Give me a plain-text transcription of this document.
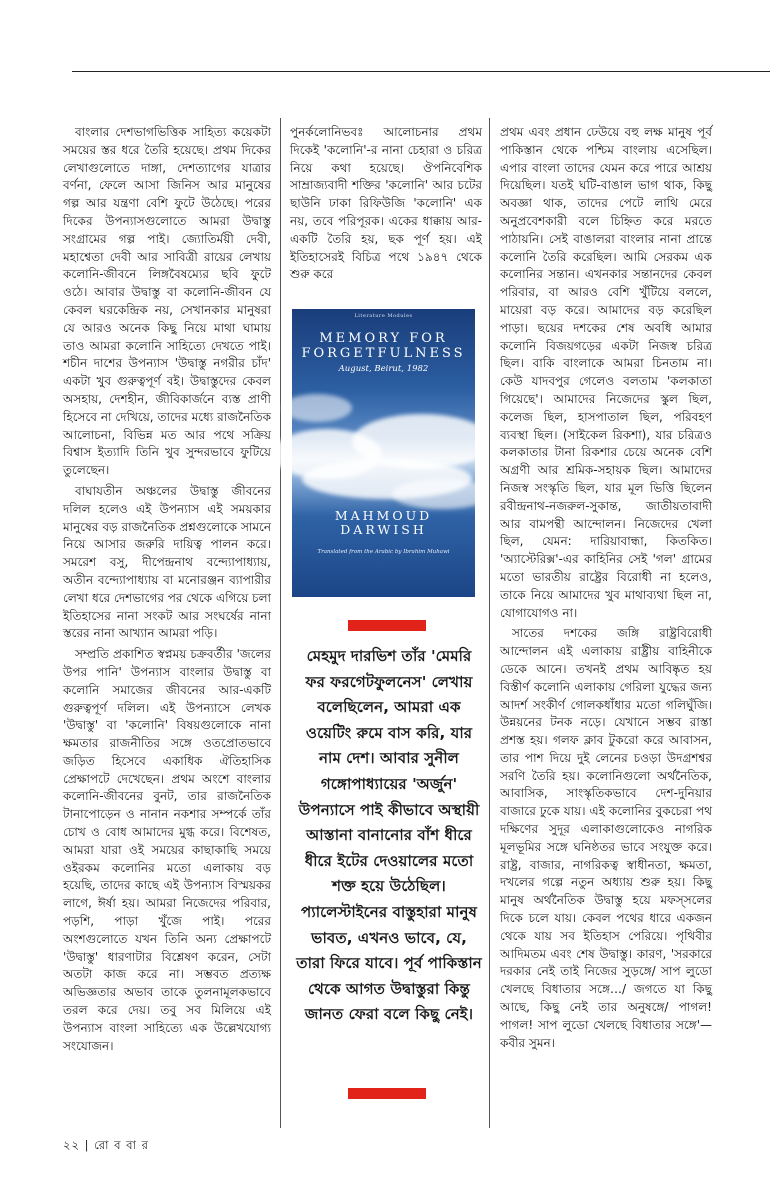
বাংলার দেশভাগভিত্তিক সাহিত্য কয়েকটা সময়ের স্তর ধরে তৈরি হয়েছে। প্রথম দিকের লেখাগুলোতে দাঙ্গা, দেশত্যাগের যাত্রার বর্ণনা, ফেলে আসা জিনিস আর মানুষের গল্প আর যন্ত্রণা বেশি ফুটে উঠেছে। পরের দিকের উপন্যাসগুলোতে আমরা উদ্বাস্তু সংগ্রামের গল্প পাই। জ্যোতির্ময়ী দেবী, মহাশ্বেতা দেবী আর সাবিত্রী রায়ের লেখায় কলোনি-জীবনে লিঙ্গবৈষম্যের ছবি ফুটে ওঠে। আবার উদ্বাস্তু বা কলোনি-জীবন যে কেবল ঘরকেন্দ্রিক নয়, সেখানকার মানুষরা যে আরও অনেক কিছু নিয়ে মাথা ঘামায় তাও আমরা কলোনি সাহিত্যে দেখতে পাই। শচীন দাশের উপন্যাস 'উদ্বাস্তু নগরীর চাঁদ' একটা খুব গুরুত্বপূর্ণ বই। উদ্বাস্তুদের কেবল অসহায়, দেশহীন, জীবিকার্জনে ব্যস্ত প্রাণী হিসেবে না দেখিয়ে, তাদের মধ্যে রাজনৈতিক আলোচনা, বিভিন্ন মত আর পথে সক্রিয় বিশ্বাস ইত্যাদি তিনি খুব সুন্দরভাবে ফুটিয়ে তুলেছেন।

বাঘাযতীন অঞ্চলের উদ্বাস্তু জীবনের দলিল হলেও এই উপন্যাস এই সময়কার মানুষের বড় রাজনৈতিক প্রশ্নগুলোকে সামনে নিয়ে আসার জরুরি দায়িত্ব পালন করে। সমরেশ বসু, দীপেন্দ্রনাথ বন্দ্যোপাধ্যায়, অতীন বন্দ্যোপাধ্যায় বা মনোরঞ্জন ব্যাপারীর লেখা ধরে দেশভাগের পর থেকে এগিয়ে চলা ইতিহাসের নানা সংকট আর সংঘর্ষের নানা স্তরের নানা আখ্যান আমরা পড়ি।

সম্প্রতি প্রকাশিত স্বপ্নময় চক্রবর্তীর 'জলের উপর পানি' উপন্যাস বাংলার উদ্বাস্তু বা কলোনি সমাজের জীবনের আর-একটি গুরুত্বপূর্ণ দলিল। এই উপন্যাসে লেখক 'উদ্বাস্তু' বা 'কলোনি' বিষয়গুলোকে নানা ক্ষমতার রাজনীতির সঙ্গে ওতপ্রোতভাবে জড়িত হিসেবে একাধিক ঐতিহাসিক প্রেক্ষাপটে দেখেছেন। প্রথম অংশে বাংলার কলোনি-জীবনের বুনট, তার রাজনৈতিক টানাপোড়েন ও নানান নকশার সম্পর্কে তাঁর চোখ ও বোধ আমাদের মুগ্ধ করে। বিশেষত, আমরা যারা ওই সময়ের কাছাকাছি সময়ে ওইরকম কলোনির মতো এলাকায় বড় হয়েছি, তাদের কাছে এই উপন্যাস বিস্ময়কর লাগে, ঈর্ষা হয়। আমরা নিজেদের পরিবার, পড়শি, পাড়া খুঁজে পাই। পরের অংশগুলোতে যখন তিনি অন্য প্রেক্ষাপটে 'উদ্বাস্তু' ধারণাটার বিশ্লেষণ করেন, সেটা অতটা কাজ করে না। সম্ভবত প্রত্যক্ষ অভিজ্ঞতার অভাব তাকে তুলনামূলকভাবে তরল করে দেয়। তবু সব মিলিয়ে এই উপন্যাস বাংলা সাহিত্যে এক উল্লেখযোগ্য সংযোজন।

পুনর্কলোনিভবঃ আলোচনার প্রথম দিকেই 'কলোনি'-র নানা চেহারা ও চরিত্র নিয়ে কথা হয়েছে। ঔপনিবেশিক সাম্রাজ্যবাদী শক্তির 'কলোনি' আর চটের ছাউনি ঢাকা রিফিউজি 'কলোনি' এক নয়, তবে পরিপূরক। একের ধাক্কায় আর-একটি তৈরি হয়, ছক পূর্ণ হয়। এই ইতিহাসেরই বিচিত্র পথে ১৯৪৭ থেকে শুরু করে

Literature Modules
MEMORY FOR FORGETFULNESS
August, Beirut, 1982
MAHMOUD DARWISH
Translated from the Arabic by Ibrahim Muhawi
মেহমুদ দারভিশ তাঁর 'মেমরি ফর ফরগেটফুলনেস' লেখায় বলেছিলেন, আমরা এক ওয়েটিং রুমে বাস করি, যার নাম দেশ। আবার সুনীল গঙ্গোপাধ্যায়ের 'অর্জুন' উপন্যাসে পাই কীভাবে অস্থায়ী আস্তানা বানানোর বাঁশ ধীরে ধীরে ইটের দেওয়ালের মতো শক্ত হয়ে উঠেছিল। প্যালেস্টাইনের বাস্তুহারা মানুষ ভাবত, এখনও ভাবে, যে, তারা ফিরে যাবে। পূর্ব পাকিস্তান থেকে আগত উদ্বাস্তুরা কিন্তু জানত ফেরা বলে কিছু নেই।

প্রথম এবং প্রধান ঢেউয়ে বহু লক্ষ মানুষ পূর্ব পাকিস্তান থেকে পশ্চিম বাংলায় এসেছিল। এপার বাংলা তাদের যেমন করে পারে আশ্রয় দিয়েছিল। যতই ঘটি-বাঙাল ভাগ থাক, কিছু অবজ্ঞা থাক, তাদের পেটে লাথি মেরে অনুপ্রবেশকারী বলে চিহ্নিত করে মরতে পাঠায়নি। সেই বাঙালরা বাংলার নানা প্রান্তে কলোনি তৈরি করেছিল। আমি সেরকম এক কলোনির সন্তান। এখনকার সন্তানদের কেবল পরিবার, বা আরও বেশি খুঁটিয়ে বললে, মায়েরা বড় করে। আমাদের বড় করেছিল পাড়া। ছয়ের দশকের শেষ অবধি আমার কলোনি বিজয়গড়ের একটা নিজস্ব চরিত্র ছিল। বাকি বাংলাকে আমরা চিনতাম না। কেউ যাদবপুর গেলেও বলতাম 'কলকাতা গিয়েছে'। আমাদের নিজেদের স্কুল ছিল, কলেজ ছিল, হাসপাতাল ছিল, পরিবহণ ব্যবস্থা ছিল। (সাইকেল রিকশা), যার চরিত্রও কলকাতার টানা রিকশার চেয়ে অনেক বেশি অগ্রণী আর শ্রমিক-সহায়ক ছিল। আমাদের নিজস্ব সংস্কৃতি ছিল, যার মূল ভিত্তি ছিলেন রবীন্দ্রনাথ-নজরুল-সুকান্ত, জাতীয়তাবাদী আর বামপন্থী আন্দোলন। নিজেদের খেলা ছিল, যেমন: দারিয়াবান্ধা, কিতকিত। 'অ্যাস্টেরিক্স'-এর কাহিনির সেই 'গল' গ্রামের মতো ভারতীয় রাষ্ট্রের বিরোধী না হলেও, তাকে নিয়ে আমাদের খুব মাথাব্যথা ছিল না, যোগাযোগও না।

সাতের দশকের জঙ্গি রাষ্ট্রবিরোধী আন্দোলন এই এলাকায় রাষ্ট্রীয় বাহিনীকে ডেকে আনে। তখনই প্রথম আবিষ্কৃত হয় বিস্তীর্ণ কলোনি এলাকায় গেরিলা যুদ্ধের জন্য আদর্শ সংকীর্ণ গোলকধাঁধার মতো গলিঘুঁজি। উন্নয়নের টনক নড়ে। যেখানে সম্ভব রাস্তা প্রশস্ত হয়। গলফ ক্লাব টুকরো করে আবাসন, তার পাশ দিয়ে দুই লেনের চওড়া উদগ্রশশ্বর সরণি তৈরি হয়। কলোনিগুলো অর্থনৈতিক, আবাসিক, সাংস্কৃতিকভাবে দেশ-দুনিয়ার বাজারে ঢুকে যায়। এই কলোনির বুকচেরা পথ দক্ষিণের সুদূর এলাকাগুলোকেও নাগরিক মূলভূমির সঙ্গে ঘনিষ্ঠতর ভাবে সংযুক্ত করে। রাষ্ট্র, বাজার, নাগরিকত্ব স্বাধীনতা, ক্ষমতা, দখলের গল্পে নতুন অধ্যায় শুরু হয়। কিছু মানুষ অর্থনৈতিক উদ্বাস্তু হয়ে মফস্সলের দিকে চলে যায়। কেবল পথের ধারে একজন থেকে যায় সব ইতিহাস পেরিয়ে। পৃথিবীর আদিমতম এবং শেষ উদ্বাস্তু। কারণ, 'সরকারে দরকার নেই তাই নিজের সুড়ঙ্গে/ সাপ লুডো খেলছে বিধাতার সঙ্গে…/ জগতে যা কিছু আছে, কিছু নেই তার অনুষঙ্গে/ পাগল! পাগল! সাপ লুডো খেলছে বিধাতার সঙ্গে'— কবীর সুমন।

২২ | রো ব বা র
